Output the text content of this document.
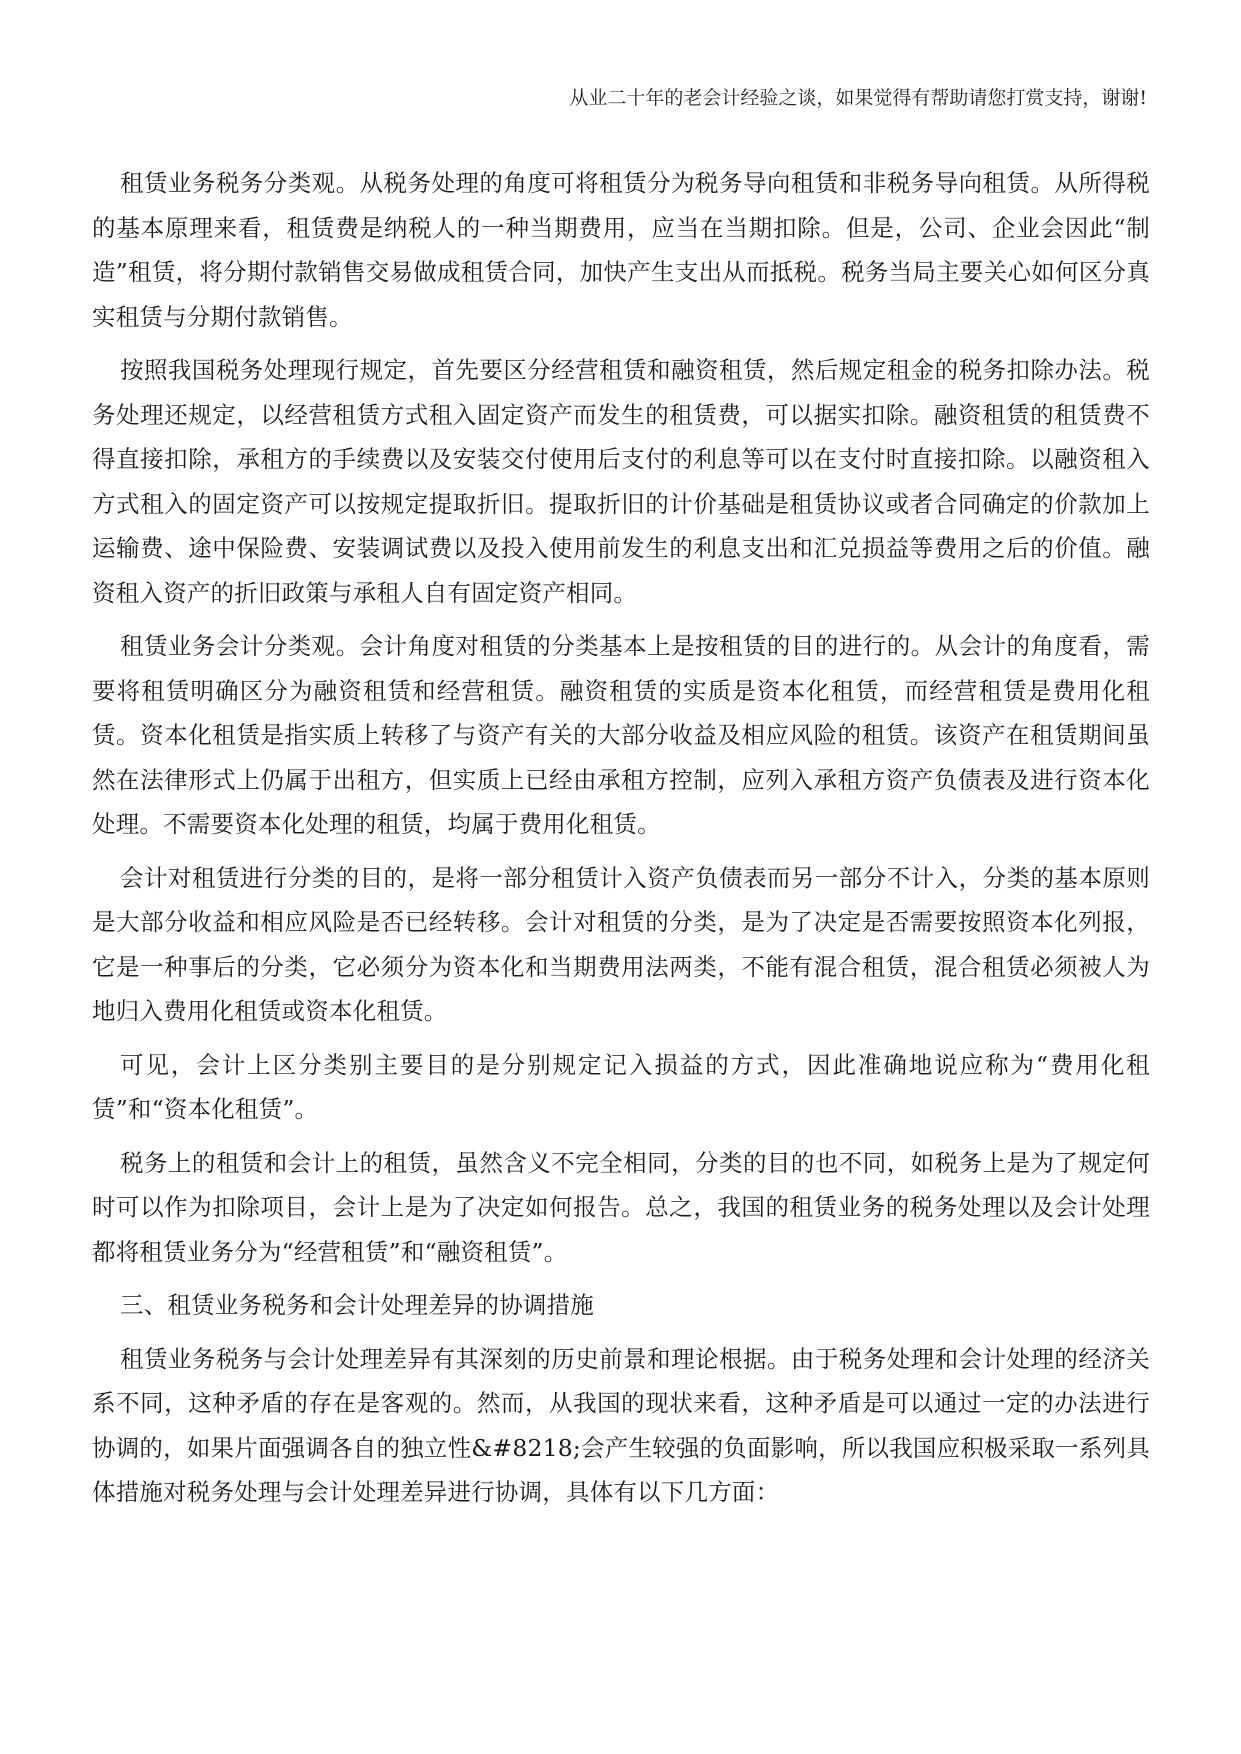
从业二十年的老会计经验之谈，如果觉得有帮助请您打赏支持，谢谢!

租赁业务税务分类观。从税务处理的角度可将租赁分为税务导向租赁和非税务导向租赁。从所得税的基本原理来看，租赁费是纳税人的一种当期费用，应当在当期扣除。但是，公司、企业会因此“制造”租赁，将分期付款销售交易做成租赁合同，加快产生支出从而抵税。税务当局主要关心如何区分真实租赁与分期付款销售。

按照我国税务处理现行规定，首先要区分经营租赁和融资租赁，然后规定租金的税务扣除办法。税务处理还规定，以经营租赁方式租入固定资产而发生的租赁费，可以据实扣除。融资租赁的租赁费不得直接扣除，承租方的手续费以及安装交付使用后支付的利息等可以在支付时直接扣除。以融资租入方式租入的固定资产可以按规定提取折旧。提取折旧的计价基础是租赁协议或者合同确定的价款加上运输费、途中保险费、安装调试费以及投入使用前发生的利息支出和汇兑损益等费用之后的价值。融资租入资产的折旧政策与承租人自有固定资产相同。

租赁业务会计分类观。会计角度对租赁的分类基本上是按租赁的目的进行的。从会计的角度看，需要将租赁明确区分为融资租赁和经营租赁。融资租赁的实质是资本化租赁，而经营租赁是费用化租赁。资本化租赁是指实质上转移了与资产有关的大部分收益及相应风险的租赁。该资产在租赁期间虽然在法律形式上仍属于出租方，但实质上已经由承租方控制，应列入承租方资产负债表及进行资本化处理。不需要资本化处理的租赁，均属于费用化租赁。

会计对租赁进行分类的目的，是将一部分租赁计入资产负债表而另一部分不计入，分类的基本原则是大部分收益和相应风险是否已经转移。会计对租赁的分类，是为了决定是否需要按照资本化列报，它是一种事后的分类，它必须分为资本化和当期费用法两类，不能有混合租赁，混合租赁必须被人为地归入费用化租赁或资本化租赁。

可见，会计上区分类别主要目的是分别规定记入损益的方式，因此准确地说应称为“费用化租赁”和“资本化租赁”。

税务上的租赁和会计上的租赁，虽然含义不完全相同，分类的目的也不同，如税务上是为了规定何时可以作为扣除项目，会计上是为了决定如何报告。总之，我国的租赁业务的税务处理以及会计处理都将租赁业务分为“经营租赁”和“融资租赁”。

三、租赁业务税务和会计处理差异的协调措施

租赁业务税务与会计处理差异有其深刻的历史前景和理论根据。由于税务处理和会计处理的经济关系不同，这种矛盾的存在是客观的。然而，从我国的现状来看，这种矛盾是可以通过一定的办法进行协调的，如果片面强调各自的独立性&#8218;会产生较强的负面影响，所以我国应积极采取一系列具体措施对税务处理与会计处理差异进行协调，具体有以下几方面：
